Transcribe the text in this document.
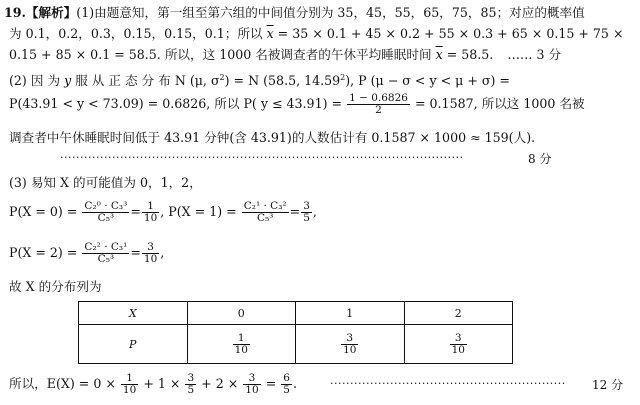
19.【解析】(1)由题意知，第一组至第六组的中间值分别为 35，45，55，65，75，85；对应的概率值
为 0.1，0.2，0.3，0.15，0.15，0.1；所以 $\overline{x} = 35 \times 0.1 + 45 \times 0.2 + 55 \times 0.3 + 65 \times 0.15 + 75$ ×
0.15 + 85 × 0.1 = 58.5. 所以，这 1000 名被调查者的午休平均睡眠时间 $\overline{x} = 58.5$. …… 3 分
(2) 因 为 y 服 从 正 态 分 布 N (μ, $\sigma^2) = N$ (58.5, 14.59$^2$), P (μ − σ < y < μ + σ) =
P(43.91 < y < 73.09) = 0.6826, 所以 P( $y \le 43.91) = \frac{1 - 0.6826}{2} = 0.1587$, 所以这 1000 名被
调查者中午休睡眠时间低于 43.91 分钟(含 43.91)的人数估计有 0.1587 × 1000 ≈ 159(人).
·····································································································	8 分
(3) 易知 X 的可能值为 0，1，2，
$P(X = 0) = \frac{\text{C₂⁰ · C₃³}}{\text{C₅³}} = \frac{1}{10}$ , $P(X = 1) = \frac{\text{C₂¹ · C₃²}}{\text{C₅³}} = \frac{3}{5}$ ,
$P(X = 2) = \frac{\text{C₂² · C₃¹}}{\text{C₅³}} = \frac{3}{10}$ ,
故 X 的分布列为
X	0	1	2
P	$\frac{1}{10}$	$\frac{3}{10}$	$\frac{3}{10}$
所以，$E(X) = 0 \times \frac{1}{10} + 1 \times \frac{3}{5} + 2 \times \frac{3}{10} = \frac{6}{5}$ .	··························································· 12 分
